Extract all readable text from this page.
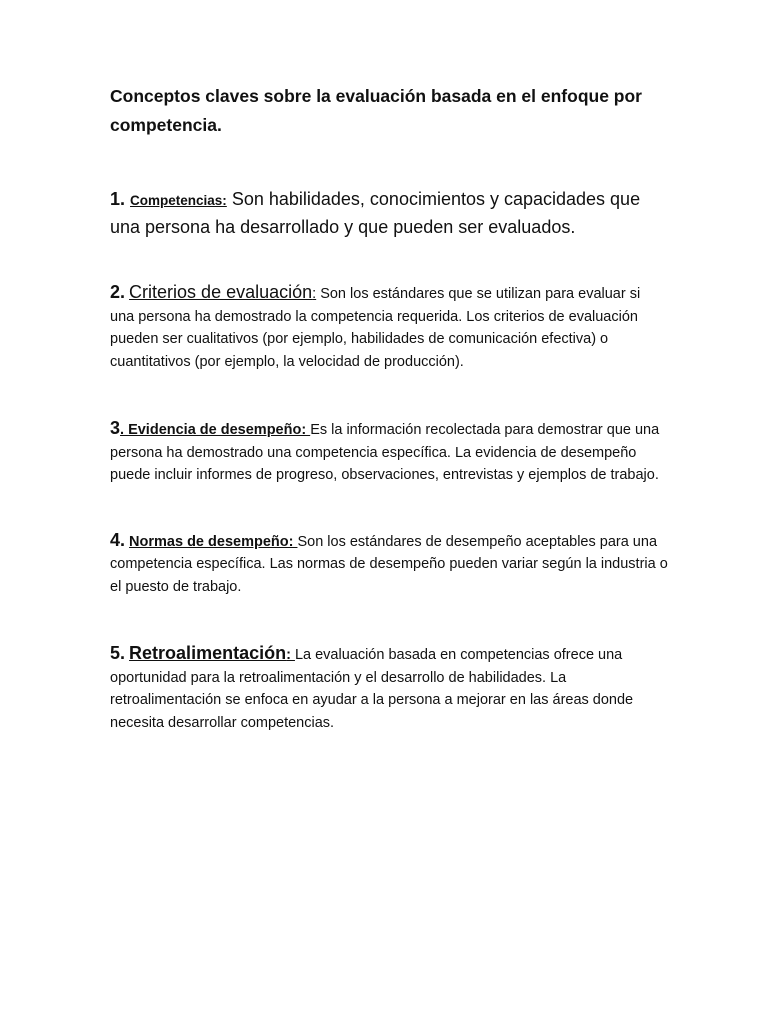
Conceptos claves sobre la evaluación basada en el enfoque por competencia.

1. Competencias: Son habilidades, conocimientos y capacidades que una persona ha desarrollado y que pueden ser evaluados.

2. Criterios de evaluación: Son los estándares que se utilizan para evaluar si una persona ha demostrado la competencia requerida. Los criterios de evaluación pueden ser cualitativos (por ejemplo, habilidades de comunicación efectiva) o cuantitativos (por ejemplo, la velocidad de producción).

3. Evidencia de desempeño: Es la información recolectada para demostrar que una persona ha demostrado una competencia específica. La evidencia de desempeño puede incluir informes de progreso, observaciones, entrevistas y ejemplos de trabajo.

4. Normas de desempeño: Son los estándares de desempeño aceptables para una competencia específica. Las normas de desempeño pueden variar según la industria o el puesto de trabajo.

5. Retroalimentación: La evaluación basada en competencias ofrece una oportunidad para la retroalimentación y el desarrollo de habilidades. La retroalimentación se enfoca en ayudar a la persona a mejorar en las áreas donde necesita desarrollar competencias.
